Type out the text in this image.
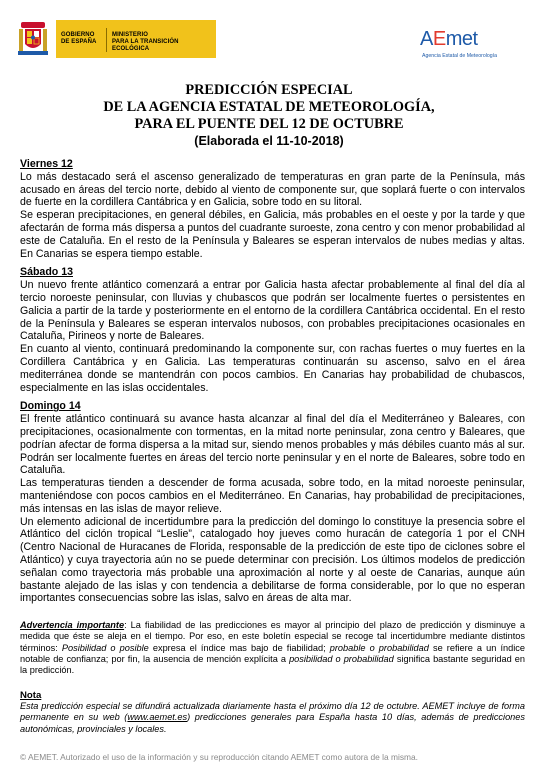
GOBIERNO
DE ESPAÑA
MINISTERIO
PARA LA TRANSICIÓN ECOLÓGICA	AEmet
Agencia Estatal de Meteorología
PREDICCIÓN ESPECIAL
DE LA AGENCIA ESTATAL DE METEOROLOGÍA,
PARA EL PUENTE DEL 12 DE OCTUBRE
(Elaborada el 11-10-2018)
Viernes 12

Lo más destacado será el ascenso generalizado de temperaturas en gran parte de la Península, más acusado en áreas del tercio norte, debido al viento de componente sur, que soplará fuerte o con intervalos de fuerte en la cordillera Cantábrica y en Galicia, sobre todo en su litoral.

Se esperan precipitaciones, en general débiles, en Galicia, más probables en el oeste y por la tarde y que afectarán de forma más dispersa a puntos del cuadrante suroeste, zona centro y con menor probabilidad al este de Cataluña. En el resto de la Península y Baleares se esperan intervalos de nubes medias y altas. En Canarias se espera tiempo estable.

Sábado 13

Un nuevo frente atlántico comenzará a entrar por Galicia hasta afectar probablemente al final del día al tercio noroeste peninsular, con lluvias y chubascos que podrán ser localmente fuertes o persistentes en Galicia a partir de la tarde y posteriormente en el entorno de la cordillera Cantábrica occidental. En el resto de la Península y Baleares se esperan intervalos nubosos, con probables precipitaciones ocasionales en Cataluña, Pirineos y norte de Baleares.

En cuanto al viento, continuará predominando la componente sur, con rachas fuertes o muy fuertes en la Cordillera Cantábrica y en Galicia. Las temperaturas continuarán su ascenso, salvo en el área mediterránea donde se mantendrán con pocos cambios. En Canarias hay probabilidad de chubascos, especialmente en las islas occidentales.

Domingo 14

El frente atlántico continuará su avance hasta alcanzar al final del día el Mediterráneo y Baleares, con precipitaciones, ocasionalmente con tormentas, en la mitad norte peninsular, zona centro y Baleares, que podrían afectar de forma dispersa a la mitad sur, siendo menos probables y más débiles cuanto más al sur. Podrán ser localmente fuertes en áreas del tercio norte peninsular y en el norte de Baleares, sobre todo en Cataluña.

Las temperaturas tienden a descender de forma acusada, sobre todo, en la mitad noroeste peninsular, manteniéndose con pocos cambios en el Mediterráneo. En Canarias, hay probabilidad de precipitaciones, más intensas en las islas de mayor relieve.

Un elemento adicional de incertidumbre para la predicción del domingo lo constituye la presencia sobre el Atlántico del ciclón tropical “Leslie”, catalogado hoy jueves como huracán de categoría 1 por el CNH (Centro Nacional de Huracanes de Florida, responsable de la predicción de este tipo de ciclones sobre el Atlántico) y cuya trayectoria aún no se puede determinar con precisión. Los últimos modelos de predicción señalan como trayectoria más probable una aproximación al norte y al oeste de Canarias, aunque aún bastante alejado de las islas y con tendencia a debilitarse de forma considerable, por lo que no esperan importantes consecuencias sobre las islas, salvo en áreas de alta mar.

Advertencia importante: La fiabilidad de las predicciones es mayor al principio del plazo de predicción y disminuye a medida que éste se aleja en el tiempo. Por eso, en este boletín especial se recoge tal incertidumbre mediante distintos términos: Posibilidad o posible expresa el índice mas bajo de fiabilidad; probable o probabilidad se refiere a un índice notable de confianza; por fin, la ausencia de mención explícita a posibilidad o probabilidad significa bastante seguridad en la predicción.
Nota
Esta predicción especial se difundirá actualizada diariamente hasta el próximo día 12 de octubre. AEMET incluye de forma permanente en su web (www.aemet.es) predicciones generales para España hasta 10 días, además de predicciones autonómicas, provinciales y locales.
© AEMET. Autorizado el uso de la información y su reproducción citando AEMET como autora de la misma.
